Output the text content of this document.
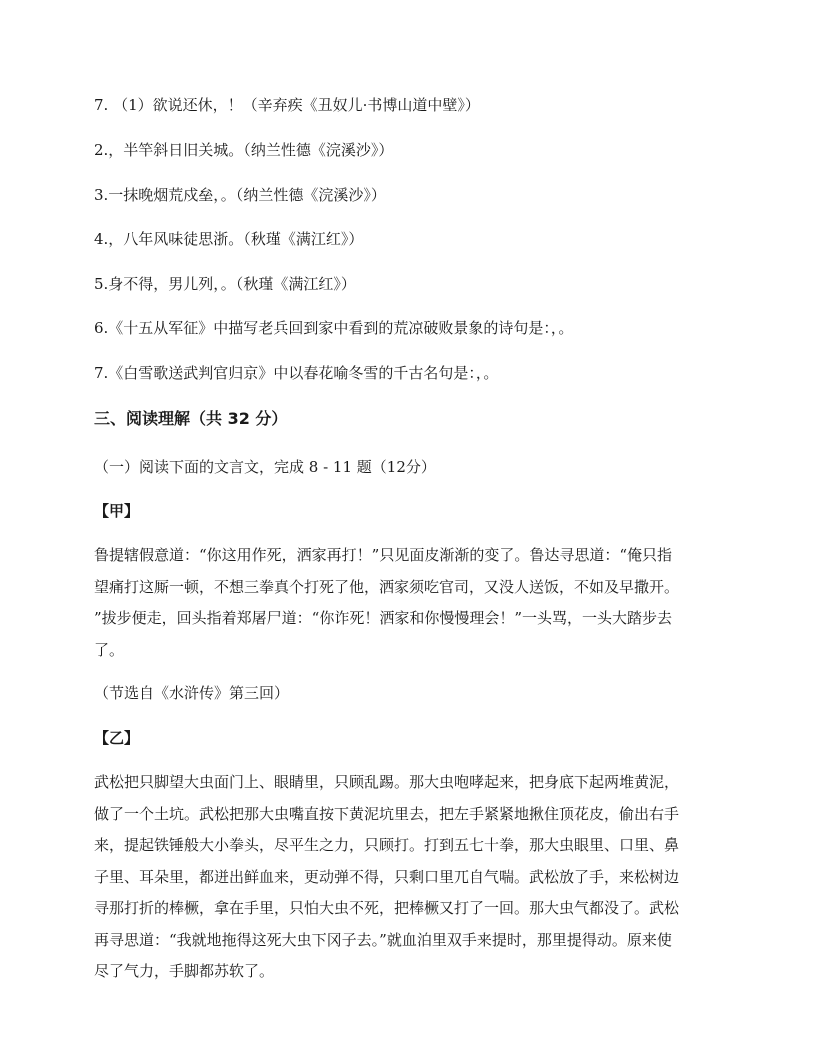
7. （1）欲说还休，！（辛弃疾《丑奴儿·书博山道中壁》）
2.，半竿斜日旧关城。（纳兰性德《浣溪沙》）
3.一抹晚烟荒戍垒，。（纳兰性德《浣溪沙》）
4.，八年风味徒思浙。（秋瑾《满江红》）
5.身不得，男儿列，。（秋瑾《满江红》）
6.《十五从军征》中描写老兵回到家中看到的荒凉破败景象的诗句是：，。
7.《白雪歌送武判官归京》中以春花喻冬雪的千古名句是：，。
三、阅读理解（共 32 分）
（一）阅读下面的文言文，完成 8 - 11 题（12分）
【甲】
鲁提辖假意道：“你这用作死，洒家再打！”只见面皮渐渐的变了。鲁达寻思道：“俺只指
望痛打这厮一顿，不想三拳真个打死了他，洒家须吃官司，又没人送饭，不如及早撒开。
”拔步便走，回头指着郑屠尸道：“你诈死！洒家和你慢慢理会！”一头骂，一头大踏步去
了。
（节选自《水浒传》第三回）
【乙】
武松把只脚望大虫面门上、眼睛里，只顾乱踢。那大虫咆哮起来，把身底下起两堆黄泥，
做了一个土坑。武松把那大虫嘴直按下黄泥坑里去，把左手紧紧地揪住顶花皮，偷出右手
来，提起铁锤般大小拳头，尽平生之力，只顾打。打到五七十拳，那大虫眼里、口里、鼻
子里、耳朵里，都迸出鲜血来，更动弹不得，只剩口里兀自气喘。武松放了手，来松树边
寻那打折的棒橛，拿在手里，只怕大虫不死，把棒橛又打了一回。那大虫气都没了。武松
再寻思道：“我就地拖得这死大虫下冈子去。”就血泊里双手来提时，那里提得动。原来使
尽了气力，手脚都苏软了。
